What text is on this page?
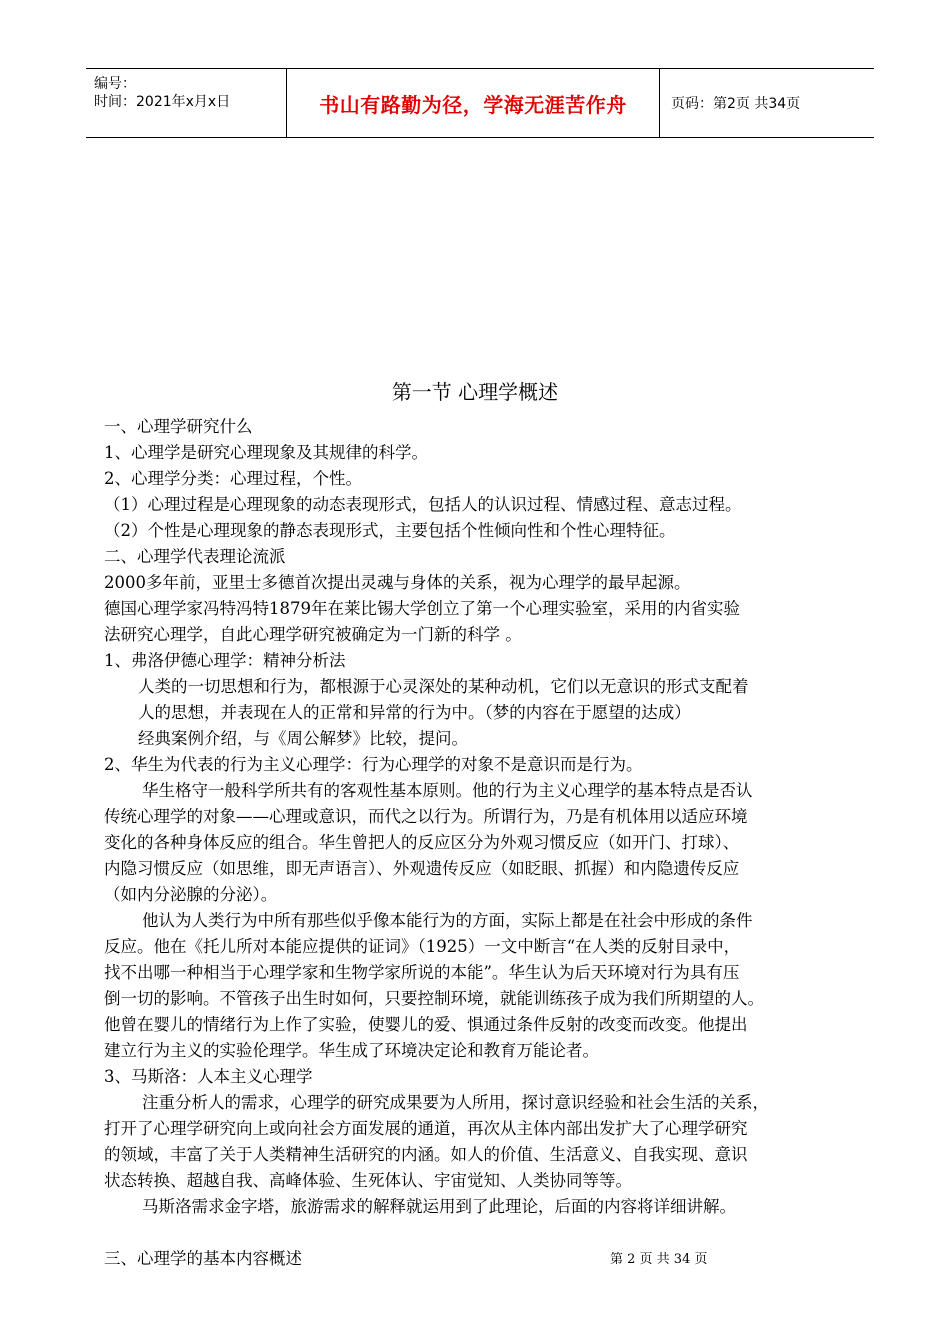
编号：
时间：2021年x月x日	书山有路勤为径，学海无涯苦作舟	页码：第2页 共34页
第一节 心理学概述

一、心理学研究什么

1、心理学是研究心理现象及其规律的科学。

2、心理学分类：心理过程，个性。

（1）心理过程是心理现象的动态表现形式，包括人的认识过程、情感过程、意志过程。

（2）个性是心理现象的静态表现形式，主要包括个性倾向性和个性心理特征。

二、心理学代表理论流派

2000多年前，亚里士多德首次提出灵魂与身体的关系，视为心理学的最早起源。

德国心理学家冯特冯特1879年在莱比锡大学创立了第一个心理实验室，采用的内省实验

法研究心理学，自此心理学研究被确定为一门新的科学 。

1、弗洛伊德心理学：精神分析法

人类的一切思想和行为，都根源于心灵深处的某种动机，它们以无意识的形式支配着

人的思想，并表现在人的正常和异常的行为中。（梦的内容在于愿望的达成）

经典案例介绍，与《周公解梦》比较，提问。

2、华生为代表的行为主义心理学：行为心理学的对象不是意识而是行为。

华生格守一般科学所共有的客观性基本原则。他的行为主义心理学的基本特点是否认

传统心理学的对象——心理或意识，而代之以行为。所谓行为，乃是有机体用以适应环境

变化的各种身体反应的组合。华生曾把人的反应区分为外观习惯反应（如开门、打球）、

内隐习惯反应（如思维，即无声语言）、外观遗传反应（如眨眼、抓握）和内隐遗传反应

（如内分泌腺的分泌）。

他认为人类行为中所有那些似乎像本能行为的方面，实际上都是在社会中形成的条件

反应。他在《托儿所对本能应提供的证词》（1925）一文中断言“在人类的反射目录中，

找不出哪一种相当于心理学家和生物学家所说的本能”。华生认为后天环境对行为具有压

倒一切的影响。不管孩子出生时如何，只要控制环境，就能训练孩子成为我们所期望的人。

他曾在婴儿的情绪行为上作了实验，使婴儿的爱、惧通过条件反射的改变而改变。他提出

建立行为主义的实验伦理学。华生成了环境决定论和教育万能论者。

3、马斯洛：人本主义心理学

注重分析人的需求，心理学的研究成果要为人所用，探讨意识经验和社会生活的关系，

打开了心理学研究向上或向社会方面发展的通道，再次从主体内部出发扩大了心理学研究

的领域，丰富了关于人类精神生活研究的内涵。如人的价值、生活意义、自我实现、意识

状态转换、超越自我、高峰体验、生死体认、宇宙觉知、人类协同等等。

马斯洛需求金字塔，旅游需求的解释就运用到了此理论，后面的内容将详细讲解。

三、心理学的基本内容概述	第 2 页 共 34 页
